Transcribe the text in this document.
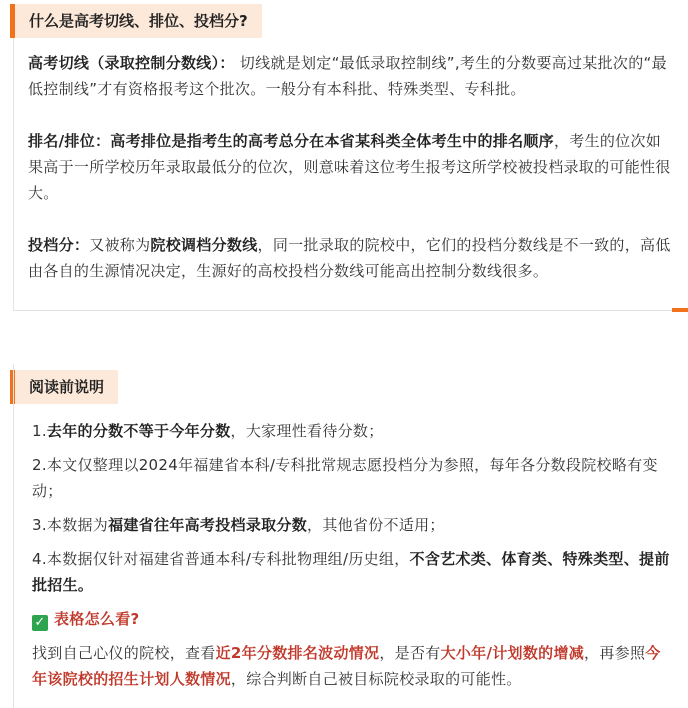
什么是高考切线、排位、投档分?

高考切线（录取控制分数线）： 切线就是划定“最低录取控制线”,考生的分数要高过某批次的“最低控制线”才有资格报考这个批次。一般分有本科批、特殊类型、专科批。

排名/排位：高考排位是指考生的高考总分在本省某科类全体考生中的排名顺序，考生的位次如果高于一所学校历年录取最低分的位次，则意味着这位考生报考这所学校被投档录取的可能性很大。

投档分：又被称为院校调档分数线，同一批录取的院校中，它们的投档分数线是不一致的，高低由各自的生源情况决定，生源好的高校投档分数线可能高出控制分数线很多。

阅读前说明

1.去年的分数不等于今年分数，大家理性看待分数；

2.本文仅整理以2024年福建省本科/专科批常规志愿投档分为参照，每年各分数段院校略有变动；

3.本数据为福建省往年高考投档录取分数，其他省份不适用；

4.本数据仅针对福建省普通本科/专科批物理组/历史组，不含艺术类、体育类、特殊类型、提前批招生。

✓ 表格怎么看?

找到自己心仪的院校，查看近2年分数排名波动情况，是否有大小年/计划数的增减，再参照今年该院校的招生计划人数情况，综合判断自己被目标院校录取的可能性。
